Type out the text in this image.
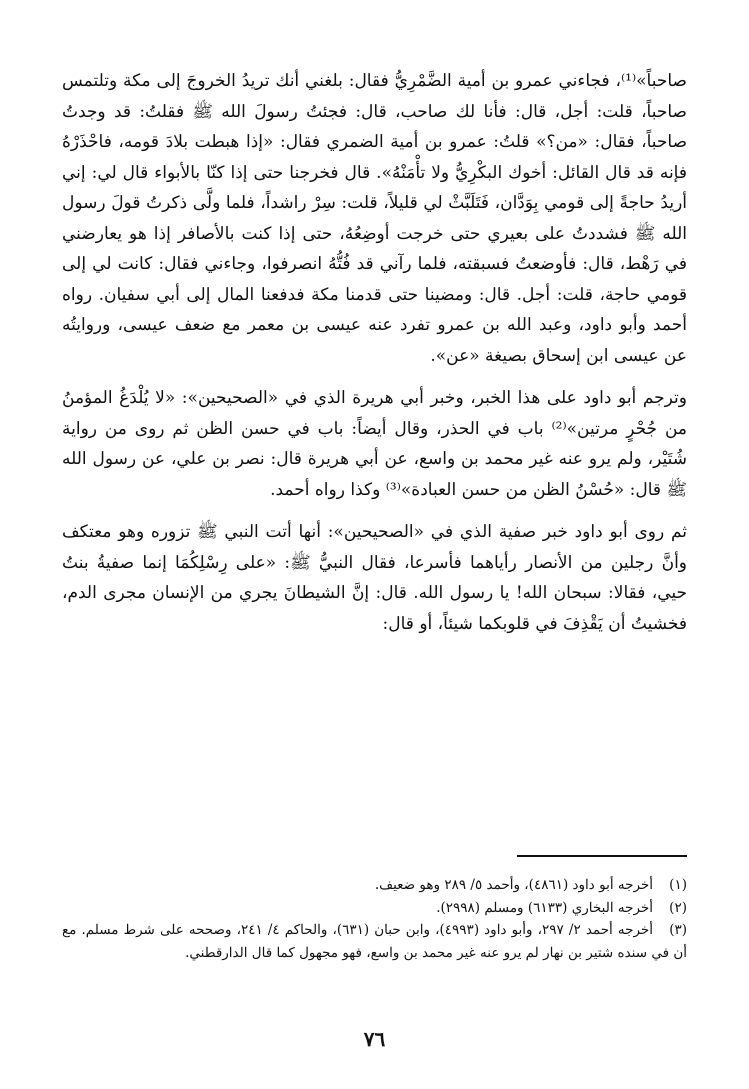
صاحباً»⁽¹⁾، فجاءني عمرو بن أمية الضَّمْرِيُّ فقال: بلغني أنك تريدُ الخروجَ إلى مكة وتلتمس صاحباً، قلت: أجل، قال: فأنا لك صاحب، قال: فجئتُ رسولَ الله ﷺ فقلتُ: قد وجدتُ صاحباً، فقال: «من؟» قلتُ: عمرو بن أمية الضمري فقال: «إذا هبطت بلادَ قومه، فاحْذَرْهُ فإنه قد قال القائل: أخوك البكْرِيُّ ولا تأْمَنْهُ». قال فخرجنا حتى إذا كنّا بالأبواء قال لي: إني أريدُ حاجةً إلى قومي بِوَدَّان، فَتَلَبَّثْ لي قليلاً، قلت: سِرْ راشداً، فلما ولَّى ذكرتُ قولَ رسول الله ﷺ فشددتُ على بعيري حتى خرجت أوضِعُهُ، حتى إذا كنت بالأصافر إذا هو يعارضني في رَهْط، قال: فأوضعتُ فسبقته، فلما رآني قد فُتُّهُ انصرفوا، وجاءني فقال: كانت لي إلى قومي حاجة، قلت: أجل. قال: ومضينا حتى قدمنا مكة فدفعنا المال إلى أبي سفيان. رواه أحمد وأبو داود، وعبد الله بن عمرو تفرد عنه عيسى بن معمر مع ضعف عيسى، وروايتُه عن عيسى ابن إسحاق بصيغة «عن».

وترجم أبو داود على هذا الخبر، وخبر أبي هريرة الذي في «الصحيحين»: «لا يُلْدَغُ المؤمنُ من جُحْرٍ مرتين»⁽²⁾ باب في الحذر، وقال أيضاً: باب في حسن الظن ثم روى من رواية شُتَيْر، ولم يرو عنه غير محمد بن واسع، عن أبي هريرة قال: نصر بن علي، عن رسول الله ﷺ قال: «حُسْنُ الظن من حسن العبادة»⁽³⁾ وكذا رواه أحمد.

ثم روى أبو داود خبر صفية الذي في «الصحيحين»: أنها أتت النبي ﷺ تزوره وهو معتكف وأنَّ رجلين من الأنصار رأياهما فأسرعا، فقال النبيُّ ﷺ: «على رِسْلِكُمَا إنما صفيةُ بنتُ حيي، فقالا: سبحان الله! يا رسول الله. قال: إنَّ الشيطانَ يجري من الإنسان مجرى الدم، فخشيتُ أن يَقْذِفَ في قلوبكما شيئاً، أو قال:

(١)أخرجه أبو داود (٤٨٦١)، وأحمد ٥/ ٢٨٩ وهو ضعيف.

(٢)أخرجه البخاري (٦١٣٣) ومسلم (٢٩٩٨).

(٣)أخرجه أحمد ٢/ ٢٩٧، وأبو داود (٤٩٩٣)، وابن حبان (٦٣١)، والحاكم ٤/ ٢٤١، وصححه على شرط مسلم. مع أن في سنده شتير بن نهار لم يرو عنه غير محمد بن واسع، فهو مجهول كما قال الدارقطني.

٧٦
